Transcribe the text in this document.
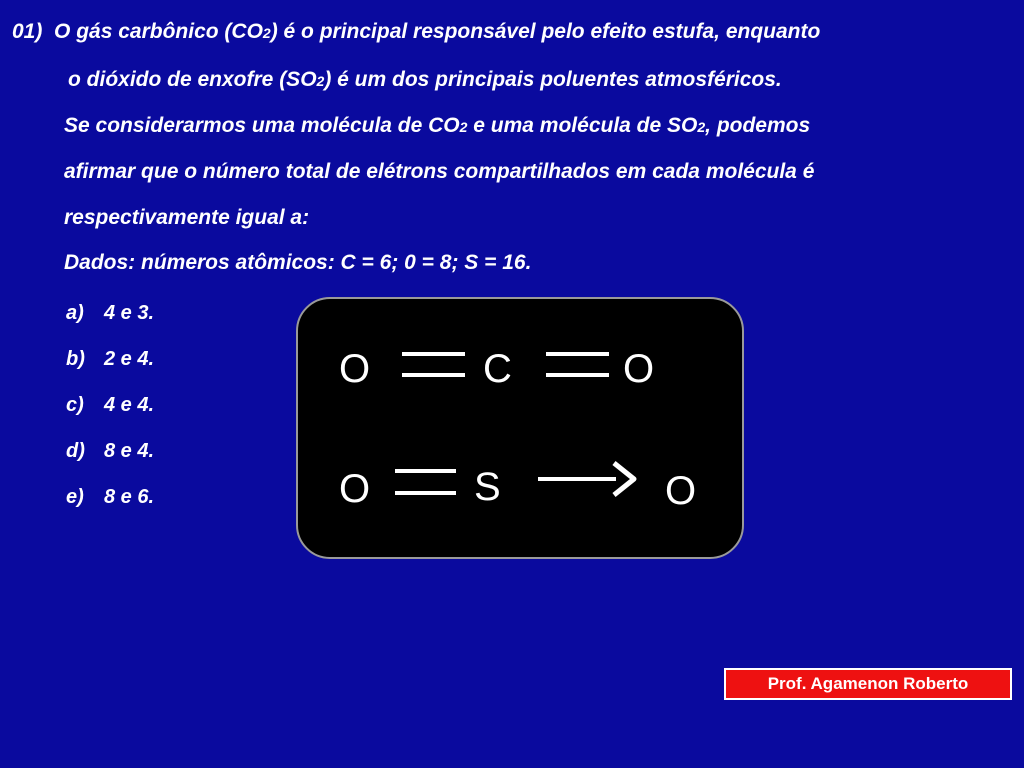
01) O gás carbônico (CO2) é o principal responsável pelo efeito estufa, enquanto
o dióxido de enxofre (SO2) é um dos principais poluentes atmosféricos.
Se considerarmos uma molécula de CO2 e uma molécula de SO2, podemos
afirmar que o número total de elétrons compartilhados em cada molécula é
respectivamente igual a:
Dados: números atômicos: C = 6; 0 = 8; S = 16.
a) 4 e 3.
b) 2 e 4.
c) 4 e 4.
d) 8 e 4.
e) 8 e 6.
O	C	O
O	S	O
Prof. Agamenon Roberto
